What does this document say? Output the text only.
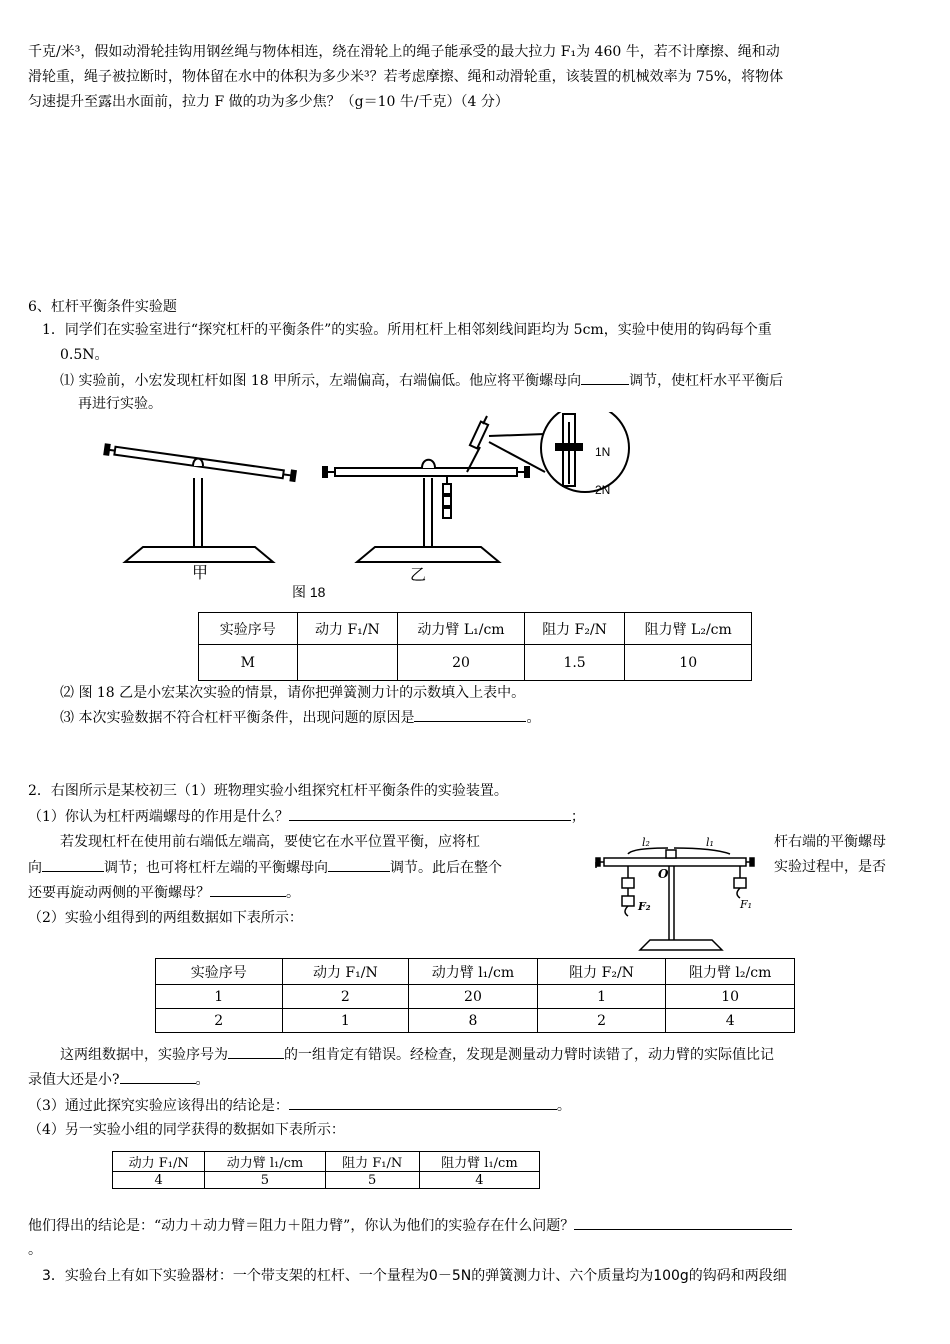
千克/米³，假如动滑轮挂钩用钢丝绳与物体相连，绕在滑轮上的绳子能承受的最大拉力 F₁为 460 牛，若不计摩擦、绳和动
滑轮重，绳子被拉断时，物体留在水中的体积为多少米³？若考虑摩擦、绳和动滑轮重，该装置的机械效率为 75%，将物体
匀速提升至露出水面前，拉力 F 做的功为多少焦？（g＝10 牛/千克）（4 分）
6、杠杆平衡条件实验题
1．同学们在实验室进行“探究杠杆的平衡条件”的实验。所用杠杆上相邻刻线间距均为 5cm，实验中使用的钩码每个重
0.5N。
⑴ 实验前，小宏发现杠杆如图 18 甲所示，左端偏高，右端偏低。他应将平衡螺母向	调节，使杠杆水平平衡后
再进行实验。
甲	乙
1N
2N
图 18
实验序号	动力 F₁/N	动力臂 L₁/cm	阻力 F₂/N	阻力臂 L₂/cm
M		20	1.5	10
⑵ 图 18 乙是小宏某次实验的情景，请你把弹簧测力计的示数填入上表中。
⑶ 本次实验数据不符合杠杆平衡条件，出现问题的原因是	。
2．右图所示是某校初三（1）班物理实验小组探究杠杆平衡条件的实验装置。
（1）你认为杠杆两端螺母的作用是什么？	；
若发现杠杆在使用前右端低左端高，要使它在水平位置平衡，应将杠	杆右端的平衡螺母
向	调节；也可将杠杆左端的平衡螺母向	调节。此后在整个	实验过程中，是否
还要再旋动两侧的平衡螺母？	。
（2）实验小组得到的两组数据如下表所示：
l₂	l₁
O
F₂	F₁
实验序号	动力 F₁/N	动力臂 l₁/cm	阻力 F₂/N	阻力臂 l₂/cm
1	2	20	1	10
2	1	8	2	4
这两组数据中，实验序号为	的一组肯定有错误。经检查，发现是测量动力臂时读错了，动力臂的实际值比记
录值大还是小?	。
（3）通过此探究实验应该得出的结论是：	。
（4）另一实验小组的同学获得的数据如下表所示：
动力 F₁/N	动力臂 l₁/cm	阻力 F₁/N	阻力臂 l₁/cm
4	5	5	4
他们得出的结论是：“动力＋动力臂＝阻力＋阻力臂”，你认为他们的实验存在什么问题？
。
3．实验台上有如下实验器材：一个带支架的杠杆、一个量程为0－5N的弹簧测力计、六个质量均为100g的钩码和两段细
